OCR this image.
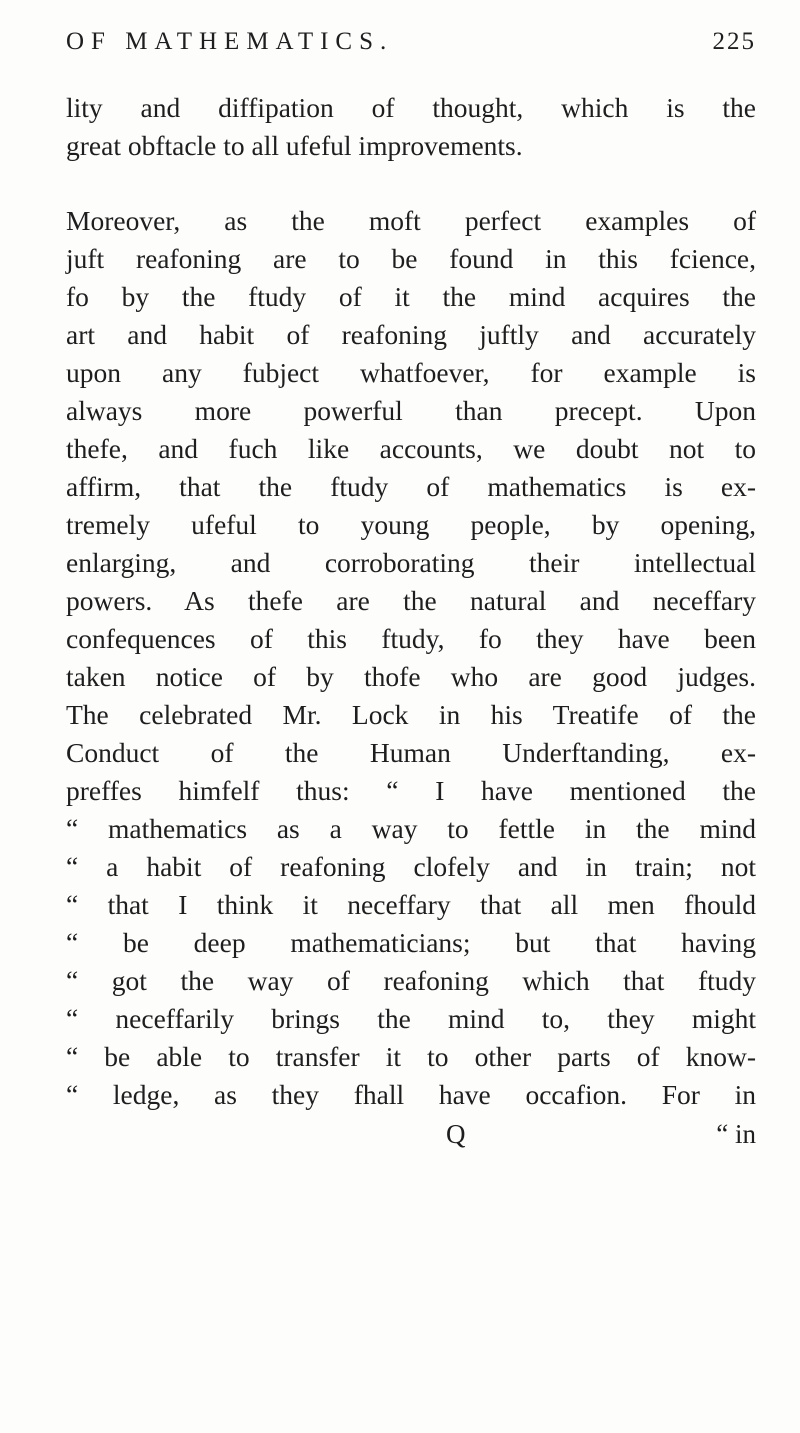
OF MATHEMATICS.	225
lity and diffipation of thought, which is the
great obftacle to all ufeful improvements.
Moreover, as the moft perfect examples of
juft reafoning are to be found in this fcience,
fo by the ftudy of it the mind acquires the
art and habit of reafoning juftly and accurately
upon any fubject whatfoever, for example is
always more powerful than precept. Upon
thefe, and fuch like accounts, we doubt not to
affirm, that the ftudy of mathematics is ex-
tremely ufeful to young people, by opening,
enlarging, and corroborating their intellectual
powers. As thefe are the natural and neceffary
confequences of this ftudy, fo they have been
taken notice of by thofe who are good judges.
The celebrated Mr. Lock in his Treatife of the
Conduct of the Human Underftanding, ex-
preffes himfelf thus: “ I have mentioned the
“ mathematics as a way to fettle in the mind
“ a habit of reafoning clofely and in train; not
“ that I think it neceffary that all men fhould
“ be deep mathematicians; but that having
“ got the way of reafoning which that ftudy
“ neceffarily brings the mind to, they might
“ be able to transfer it to other parts of know-
“ ledge, as they fhall have occafion. For in
Q	“ in
